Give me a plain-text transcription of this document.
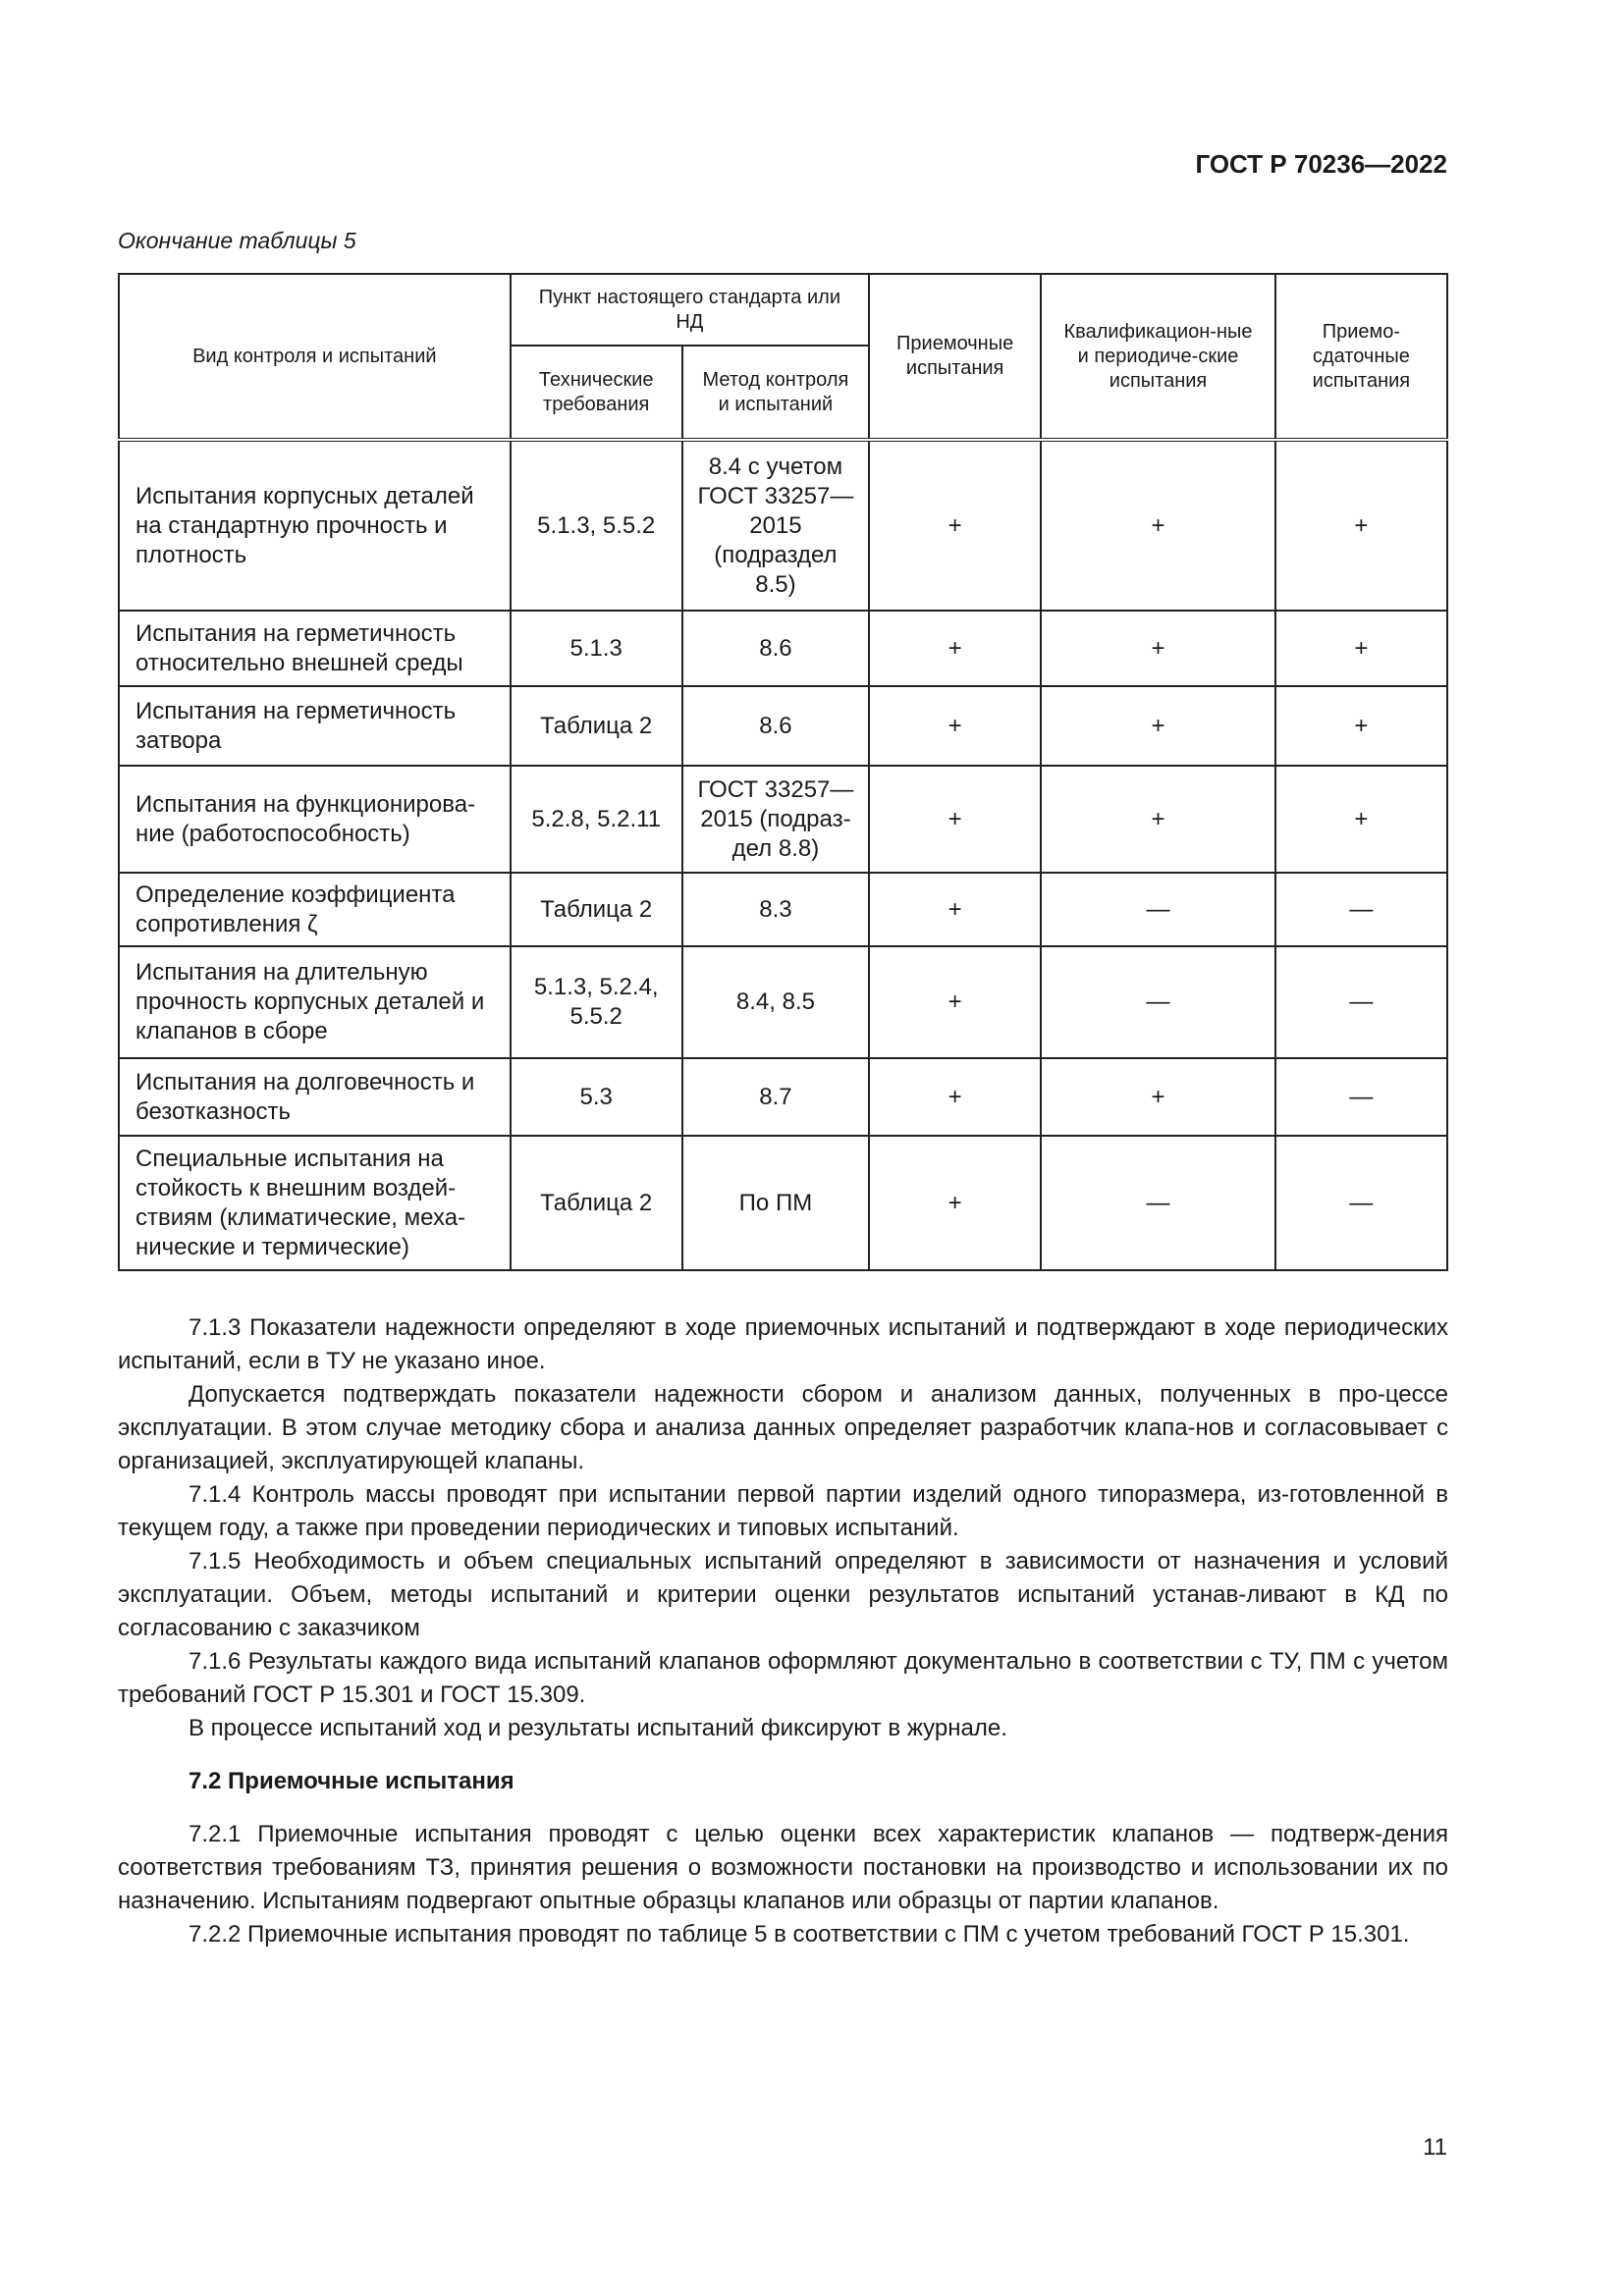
ГОСТ Р 70236—2022
Окончание таблицы 5
Вид контроля и испытаний	Пункт настоящего стандарта или НД		Приемочные испытания	Квалификацион-ные и периодиче-ские испытания	Приемо-сдаточные испытания
	Технические требования	Метод контроля и испытаний			
Испытания корпусных деталей на стандартную прочность и плотность	5.1.3, 5.5.2	8.4 с учетом ГОСТ 33257—2015 (подраздел 8.5)	+	+	+
Испытания на герметичность относительно внешней среды	5.1.3	8.6	+	+	+
Испытания на герметичность затвора	Таблица 2	8.6	+	+	+
Испытания на функционирова-ние (работоспособность)	5.2.8, 5.2.11	ГОСТ 33257—2015 (подраз-дел 8.8)	+	+	+
Определение коэффициента сопротивления ζ	Таблица 2	8.3	+	—	—
Испытания на длительную прочность корпусных деталей и клапанов в сборе	5.1.3, 5.2.4, 5.5.2	8.4, 8.5	+	—	—
Испытания на долговечность и безотказность	5.3	8.7	+	+	—
Специальные испытания на стойкость к внешним воздей-ствиям (климатические, меха-нические и термические)	Таблица 2	По ПМ	+	—	—

7.1.3 Показатели надежности определяют в ходе приемочных испытаний и подтверждают в ходе периодических испытаний, если в ТУ не указано иное.

Допускается подтверждать показатели надежности сбором и анализом данных, полученных в про-цессе эксплуатации. В этом случае методику сбора и анализа данных определяет разработчик клапа-нов и согласовывает с организацией, эксплуатирующей клапаны.

7.1.4 Контроль массы проводят при испытании первой партии изделий одного типоразмера, из-готовленной в текущем году, а также при проведении периодических и типовых испытаний.

7.1.5 Необходимость и объем специальных испытаний определяют в зависимости от назначения и условий эксплуатации. Объем, методы испытаний и критерии оценки результатов испытаний устанав-ливают в КД по согласованию с заказчиком

7.1.6 Результаты каждого вида испытаний клапанов оформляют документально в соответствии с ТУ, ПМ с учетом требований ГОСТ Р 15.301 и ГОСТ 15.309.

В процессе испытаний ход и результаты испытаний фиксируют в журнале.

7.2 Приемочные испытания

7.2.1 Приемочные испытания проводят с целью оценки всех характеристик клапанов — подтверж-дения соответствия требованиям ТЗ, принятия решения о возможности постановки на производство и использовании их по назначению. Испытаниям подвергают опытные образцы клапанов или образцы от партии клапанов.

7.2.2 Приемочные испытания проводят по таблице 5 в соответствии с ПМ с учетом требований ГОСТ Р 15.301.

11
